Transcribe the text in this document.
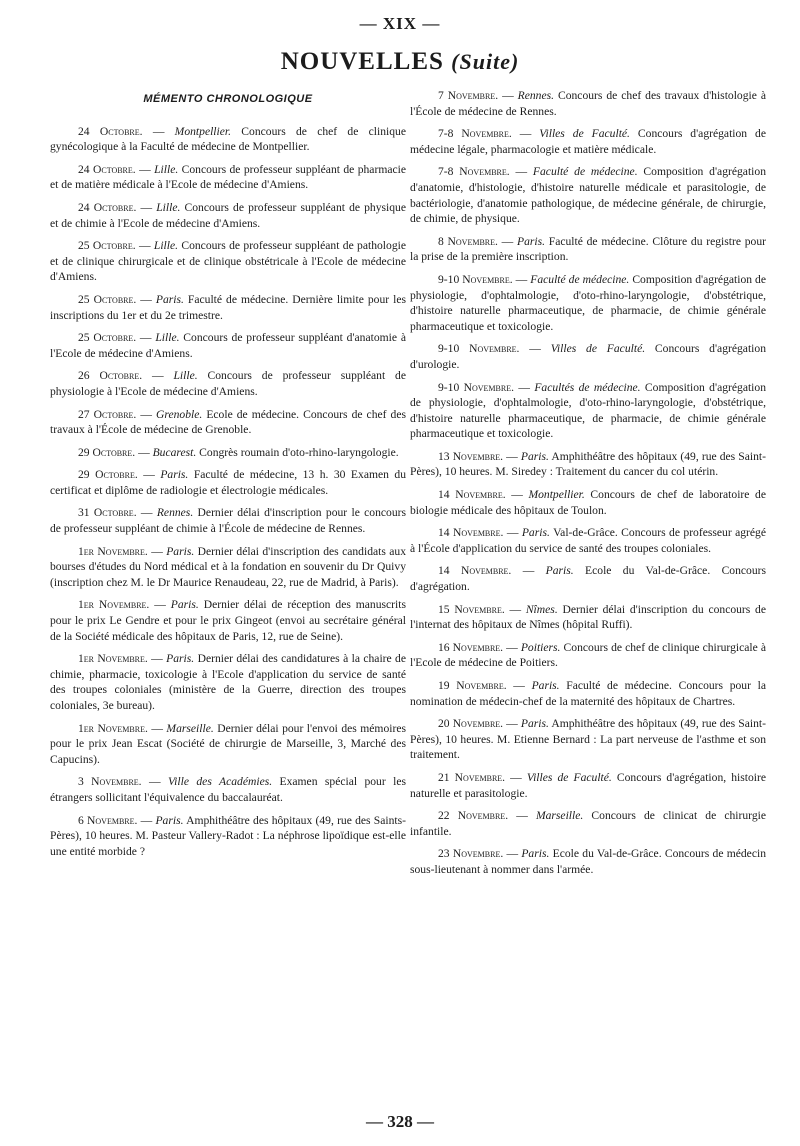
— XIX —
NOUVELLES (Suite)
MÉMENTO CHRONOLOGIQUE

24 Octobre. — Montpellier. Concours de chef de clinique gynécologique à la Faculté de médecine de Montpellier.

24 Octobre. — Lille. Concours de professeur suppléant de pharmacie et de matière médicale à l'Ecole de médecine d'Amiens.

24 Octobre. — Lille. Concours de professeur suppléant de physique et de chimie à l'Ecole de médecine d'Amiens.

25 Octobre. — Lille. Concours de professeur suppléant de pathologie et de clinique chirurgicale et de clinique obstétricale à l'Ecole de médecine d'Amiens.

25 Octobre. — Paris. Faculté de médecine. Dernière limite pour les inscriptions du 1er et du 2e trimestre.

25 Octobre. — Lille. Concours de professeur suppléant d'anatomie à l'Ecole de médecine d'Amiens.

26 Octobre. — Lille. Concours de professeur suppléant de physiologie à l'Ecole de médecine d'Amiens.

27 Octobre. — Grenoble. Ecole de médecine. Concours de chef des travaux à l'École de médecine de Grenoble.

29 Octobre. — Bucarest. Congrès roumain d'oto-rhino-laryngologie.

29 Octobre. — Paris. Faculté de médecine, 13 h. 30 Examen du certificat et diplôme de radiologie et électrologie médicales.

31 Octobre. — Rennes. Dernier délai d'inscription pour le concours de professeur suppléant de chimie à l'École de médecine de Rennes.

1er Novembre. — Paris. Dernier délai d'inscription des candidats aux bourses d'études du Nord médical et à la fondation en souvenir du Dr Quivy (inscription chez M. le Dr Maurice Renaudeau, 22, rue de Madrid, à Paris).

1er Novembre. — Paris. Dernier délai de réception des manuscrits pour le prix Le Gendre et pour le prix Gingeot (envoi au secrétaire général de la Société médicale des hôpitaux de Paris, 12, rue de Seine).

1er Novembre. — Paris. Dernier délai des candidatures à la chaire de chimie, pharmacie, toxicologie à l'Ecole d'application du service de santé des troupes coloniales (ministère de la Guerre, direction des troupes coloniales, 3e bureau).

1er Novembre. — Marseille. Dernier délai pour l'envoi des mémoires pour le prix Jean Escat (Société de chirurgie de Marseille, 3, Marché des Capucins).

3 Novembre. — Ville des Académies. Examen spécial pour les étrangers sollicitant l'équivalence du baccalauréat.

6 Novembre. — Paris. Amphithéâtre des hôpitaux (49, rue des Saints-Pères), 10 heures. M. Pasteur Vallery-Radot : La néphrose lipoïdique est-elle une entité morbide ?

7 Novembre. — Rennes. Concours de chef des travaux d'histologie à l'École de médecine de Rennes.

7-8 Novembre. — Villes de Faculté. Concours d'agrégation de médecine légale, pharmacologie et matière médicale.

7-8 Novembre. — Faculté de médecine. Composition d'agrégation d'anatomie, d'histologie, d'histoire naturelle médicale et parasitologie, de bactériologie, d'anatomie pathologique, de médecine générale, de chirurgie, de chimie, de physique.

8 Novembre. — Paris. Faculté de médecine. Clôture du registre pour la prise de la première inscription.

9-10 Novembre. — Faculté de médecine. Composition d'agrégation de physiologie, d'ophtalmologie, d'oto-rhino-laryngologie, d'obstétrique, d'histoire naturelle pharmaceutique, de pharmacie, de chimie générale pharmaceutique et toxicologie.

9-10 Novembre. — Villes de Faculté. Concours d'agrégation d'urologie.

9-10 Novembre. — Facultés de médecine. Composition d'agrégation de physiologie, d'ophtalmologie, d'oto-rhino-laryngologie, d'obstétrique, d'histoire naturelle pharmaceutique, de pharmacie, de chimie générale pharmaceutique et toxicologie.

13 Novembre. — Paris. Amphithéâtre des hôpitaux (49, rue des Saint-Pères), 10 heures. M. Siredey : Traitement du cancer du col utérin.

14 Novembre. — Montpellier. Concours de chef de laboratoire de biologie médicale des hôpitaux de Toulon.

14 Novembre. — Paris. Val-de-Grâce. Concours de professeur agrégé à l'École d'application du service de santé des troupes coloniales.

14 Novembre. — Paris. Ecole du Val-de-Grâce. Concours d'agrégation.

15 Novembre. — Nîmes. Dernier délai d'inscription du concours de l'internat des hôpitaux de Nîmes (hôpital Ruffi).

16 Novembre. — Poitiers. Concours de chef de clinique chirurgicale à l'Ecole de médecine de Poitiers.

19 Novembre. — Paris. Faculté de médecine. Concours pour la nomination de médecin-chef de la maternité des hôpitaux de Chartres.

20 Novembre. — Paris. Amphithéâtre des hôpitaux (49, rue des Saint-Pères), 10 heures. M. Etienne Bernard : La part nerveuse de l'asthme et son traitement.

21 Novembre. — Villes de Faculté. Concours d'agrégation, histoire naturelle et parasitologie.

22 Novembre. — Marseille. Concours de clinicat de chirurgie infantile.

23 Novembre. — Paris. Ecole du Val-de-Grâce. Concours de médecin sous-lieutenant à nommer dans l'armée.

— 328 —
